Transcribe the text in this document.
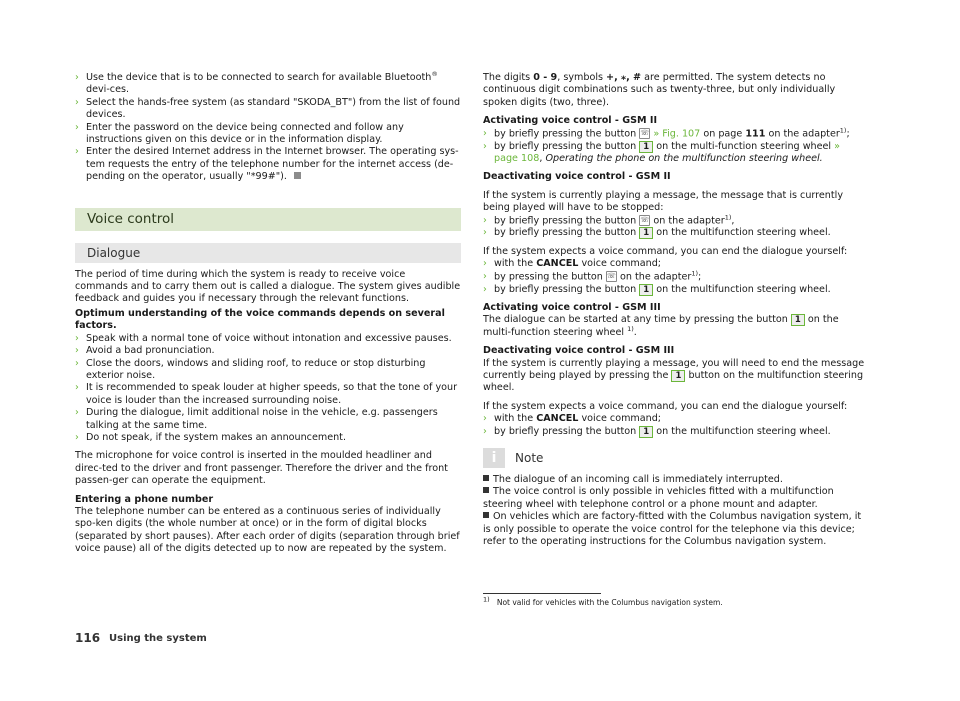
› Use the device that is to be connected to search for available Bluetooth® devi-ces.

› Select the hands-free system (as standard "SKODA_BT") from the list of found devices.

› Enter the password on the device being connected and follow any instructions given on this device or in the information display.

› Enter the desired Internet address in the Internet browser. The operating sys-tem requests the entry of the telephone number for the internet access (de-pending on the operator, usually "*99#").

Voice control
Dialogue

The period of time during which the system is ready to receive voice commands and to carry them out is called a dialogue. The system gives audible feedback and guides you if necessary through the relevant functions.

Optimum understanding of the voice commands depends on several factors.

› Speak with a normal tone of voice without intonation and excessive pauses.

› Avoid a bad pronunciation.

› Close the doors, windows and sliding roof, to reduce or stop disturbing exterior noise.

› It is recommended to speak louder at higher speeds, so that the tone of your voice is louder than the increased surrounding noise.

› During the dialogue, limit additional noise in the vehicle, e.g. passengers talking at the same time.

› Do not speak, if the system makes an announcement.

The microphone for voice control is inserted in the moulded headliner and direc-ted to the driver and front passenger. Therefore the driver and the front passen-ger can operate the equipment.

Entering a phone number

The telephone number can be entered as a continuous series of individually spo-ken digits (the whole number at once) or in the form of digital blocks (separated by short pauses). After each order of digits (separation through brief voice pause) all of the digits detected up to now are repeated by the system.

The digits 0 - 9, symbols +, ⁎, # are permitted. The system detects no continuous digit combinations such as twenty-three, but only individually spoken digits (two, three).

Activating voice control - GSM II

› by briefly pressing the button ☏ » Fig. 107 on page 111 on the adapter$^{1)}$;

› by briefly pressing the button 1 on the multi-function steering wheel » page 108, Operating the phone on the multifunction steering wheel.

Deactivating voice control - GSM II

If the system is currently playing a message, the message that is currently being played will have to be stopped:

› by briefly pressing the button ☏ on the adapter$^{1)}$,

› by briefly pressing the button 1 on the multifunction steering wheel.

If the system expects a voice command, you can end the dialogue yourself:

› with the CANCEL voice command;

› by pressing the button ☏ on the adapter$^{1)}$;

› by briefly pressing the button 1 on the multifunction steering wheel.

Activating voice control - GSM III

The dialogue can be started at any time by pressing the button 1 on the multi-function steering wheel $^{1)}$.

Deactivating voice control - GSM III

If the system is currently playing a message, you will need to end the message currently being played by pressing the 1 button on the multifunction steering wheel.

If the system expects a voice command, you can end the dialogue yourself:

› with the CANCEL voice command;

› by briefly pressing the button 1 on the multifunction steering wheel.

i	Note

The dialogue of an incoming call is immediately interrupted.

The voice control is only possible in vehicles fitted with a multifunction steering wheel with telephone control or a phone mount and adapter.

On vehicles which are factory-fitted with the Columbus navigation system, it is only possible to operate the voice control for the telephone via this device; refer to the operating instructions for the Columbus navigation system.

$^{1)}$ Not valid for vehicles with the Columbus navigation system.
116 Using the system
